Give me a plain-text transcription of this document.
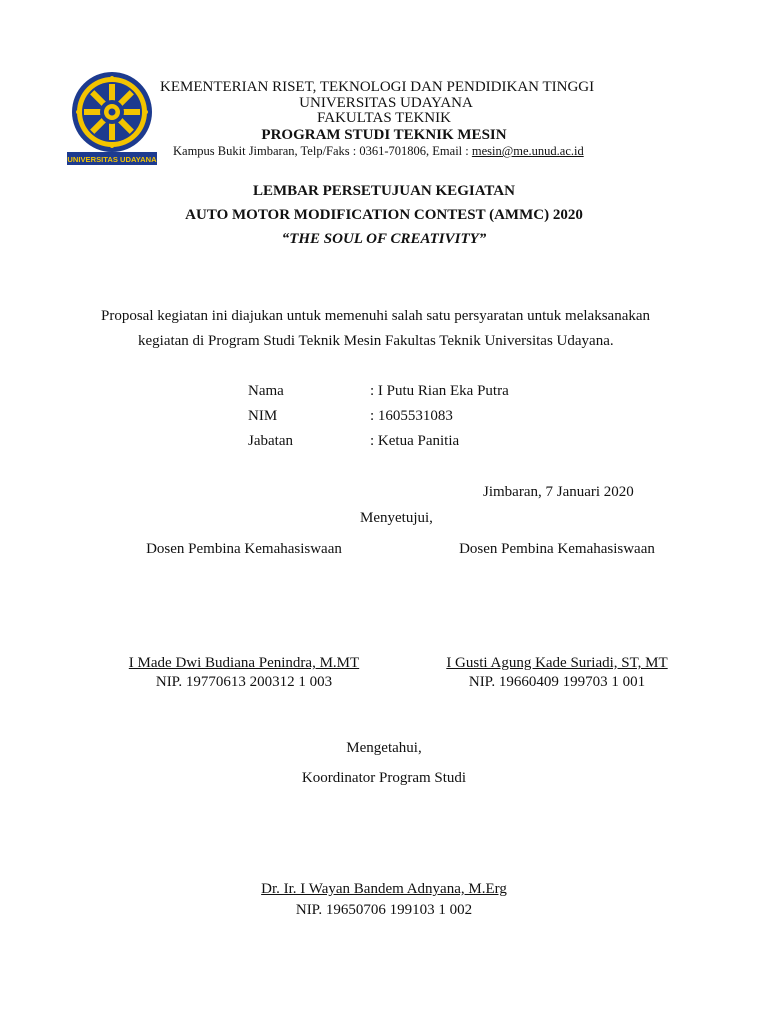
UNIVERSITAS UDAYANA
KEMENTERIAN RISET, TEKNOLOGI DAN PENDIDIKAN TINGGI
UNIVERSITAS UDAYANA
FAKULTAS TEKNIK
PROGRAM STUDI TEKNIK MESIN
Kampus Bukit Jimbaran, Telp/Faks : 0361-701806, Email : mesin@me.unud.ac.id
LEMBAR PERSETUJUAN KEGIATAN
AUTO MOTOR MODIFICATION CONTEST (AMMC) 2020
“THE SOUL OF CREATIVITY”
Proposal kegiatan ini diajukan untuk memenuhi salah satu persyaratan untuk melaksanakan
kegiatan di Program Studi Teknik Mesin Fakultas Teknik Universitas Udayana.
Nama	: I Putu Rian Eka Putra
NIM	: 1605531083
Jabatan	: Ketua Panitia
Jimbaran, 7 Januari 2020
Menyetujui,
Dosen Pembina Kemahasiswaan	Dosen Pembina Kemahasiswaan
I Made Dwi Budiana Penindra, M.MT	I Gusti Agung Kade Suriadi, ST, MT
NIP. 19770613 200312 1 003	NIP. 19660409 199703 1 001
Mengetahui,
Koordinator Program Studi
Dr. Ir. I Wayan Bandem Adnyana, M.Erg
NIP. 19650706 199103 1 002
